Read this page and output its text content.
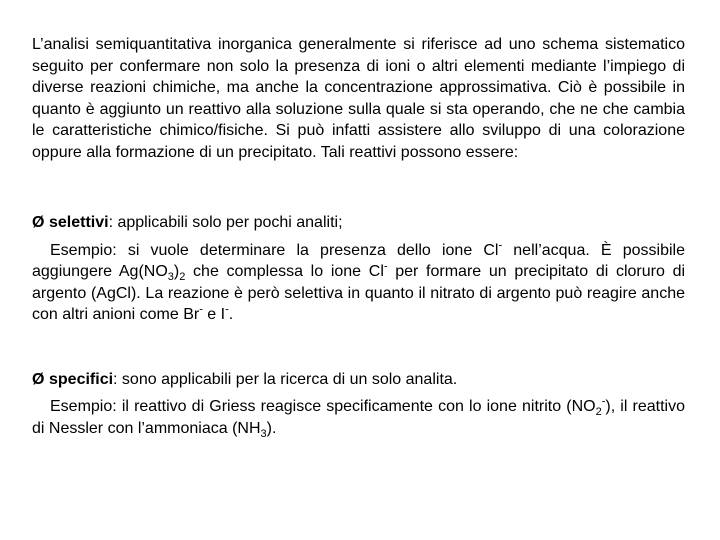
L’analisi semiquantitativa inorganica generalmente si riferisce ad uno schema sistematico seguito per confermare non solo la presenza di ioni o altri elementi mediante l’impiego di diverse reazioni chimiche, ma anche la concentrazione approssimativa. Ciò è possibile in quanto è aggiunto un reattivo alla soluzione sulla quale si sta operando, che ne che cambia le caratteristiche chimico/fisiche. Si può infatti assistere allo sviluppo di una colorazione oppure alla formazione di un precipitato. Tali reattivi possono essere:

Ø selettivi: applicabili solo per pochi analiti;

Esempio: si vuole determinare la presenza dello ione Cl- nell’acqua. È possibile aggiungere $Ag(NO_3)_2$ che complessa lo ione Cl- per formare un precipitato di cloruro di argento (AgCl). La reazione è però selettiva in quanto il nitrato di argento può reagire anche con altri anioni come Br- e I-.

Ø specifici: sono applicabili per la ricerca di un solo analita.

Esempio: il reattivo di Griess reagisce specificamente con lo ione nitrito $(NO_2^-)$, il reattivo di Nessler con l’ammoniaca $(NH_3)$.
